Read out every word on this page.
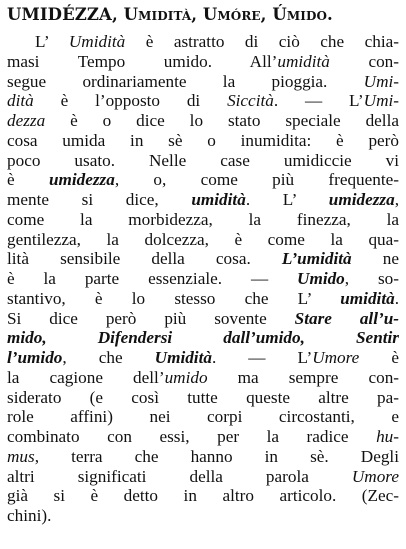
UMIDÉZZA, Umidità, Umóre, Úmido.
L’ Umidità è astratto di ciò che chia-
masi Tempo umido. All’umidità con-
segue ordinariamente la pioggia. Umi-
dità è l’opposto di Siccità. — L’Umi-
dezza è o dice lo stato speciale della
cosa umida in sè o inumidita: è però
poco usato. Nelle case umidiccie vi
è umidezza, o, come più frequente-
mente si dice, umidità. L’ umidezza,
come la morbidezza, la finezza, la
gentilezza, la dolcezza, è come la qua-
lità sensibile della cosa. L’umidità ne
è la parte essenziale. — Umido, so-
stantivo, è lo stesso che L’ umidità.
Si dice però più sovente Stare all’u-
mido, Difendersi dall’umido, Sentir
l’umido, che Umidità. — L’Umore è
la cagione dell’umido ma sempre con-
siderato (e così tutte queste altre pa-
role affini) nei corpi circostanti, e
combinato con essi, per la radice hu-
mus, terra che hanno in sè. Degli
altri significati della parola Umore
già si è detto in altro articolo. (Zec-
chini).
